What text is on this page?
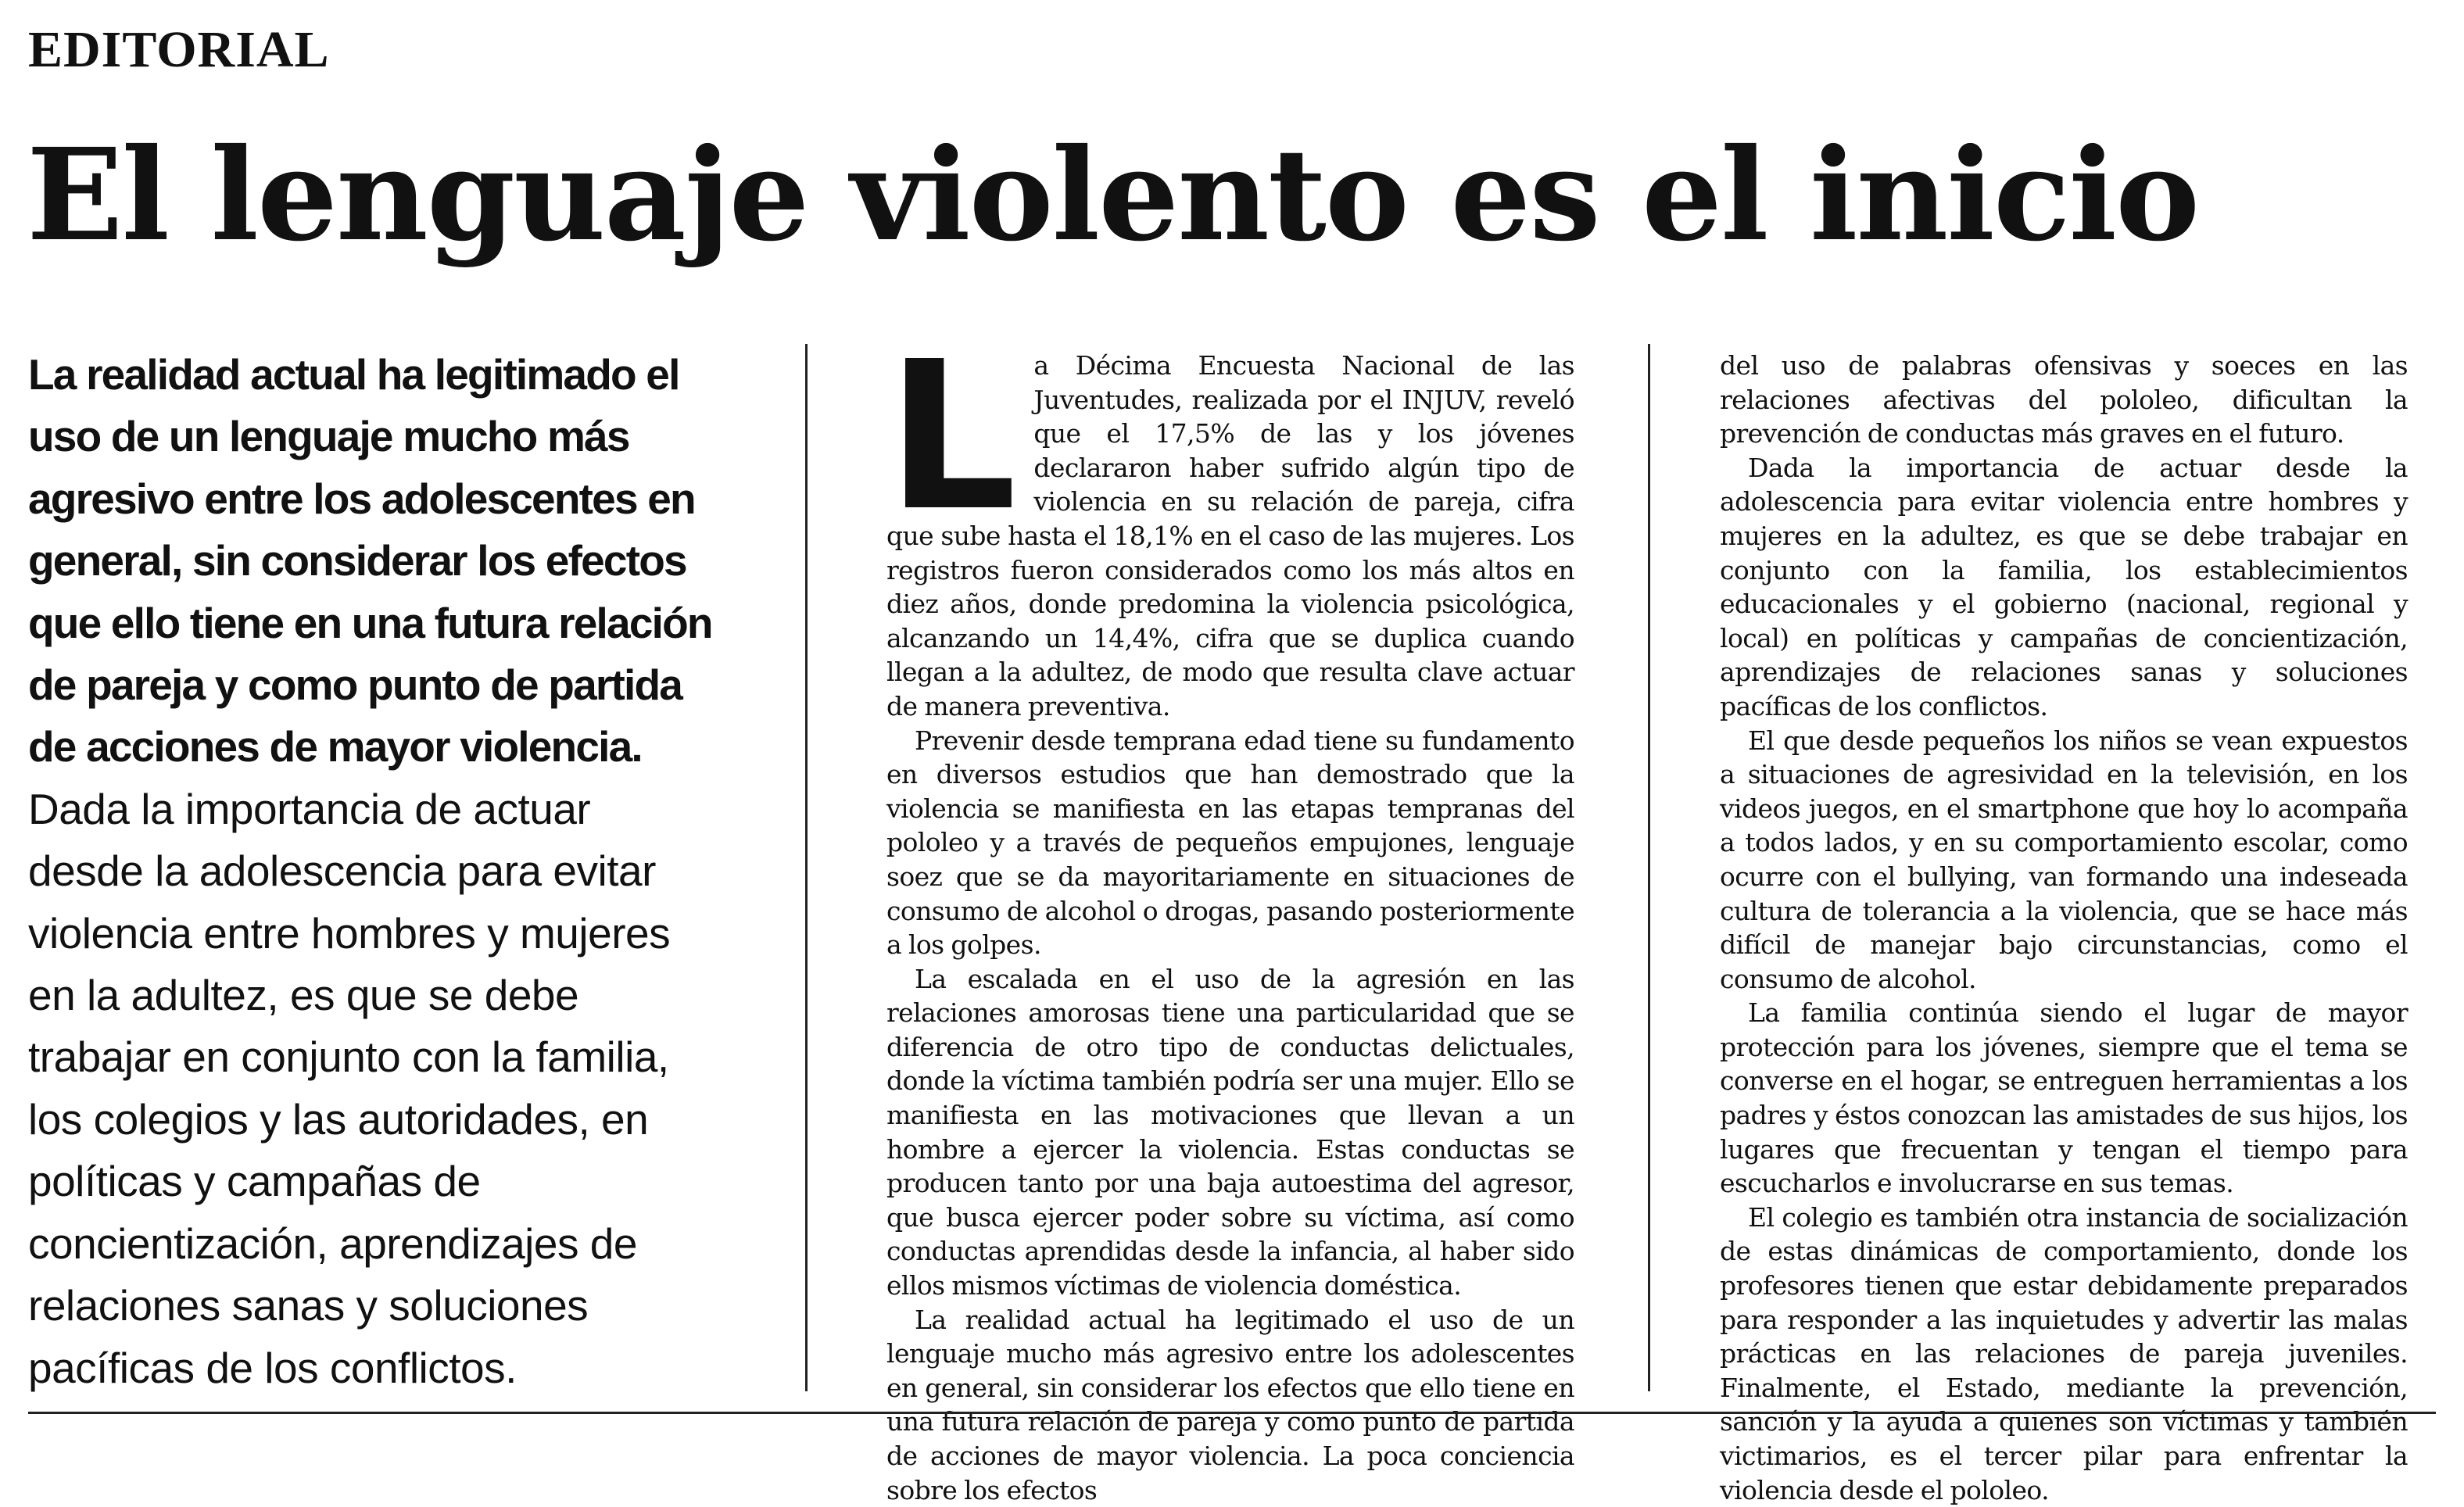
EDITORIAL
El lenguaje violento es el inicio

La realidad actual ha legitimado el uso de un lenguaje mucho más agresivo entre los adolescentes en general, sin considerar los efectos que ello tiene en una futura relación de pareja y como punto de partida de acciones de mayor violencia. Dada la importancia de actuar desde la adolescencia para evitar violencia entre hombres y mujeres en la adultez, es que se debe trabajar en conjunto con la familia, los colegios y las autoridades, en políticas y campañas de concientización, aprendizajes de relaciones sanas y soluciones pacíficas de los conflictos.

La Décima Encuesta Nacional de las Juventudes, realizada por el INJUV, reveló que el 17,5% de las y los jóvenes declararon haber sufrido algún tipo de violencia en su relación de pareja, cifra que sube hasta el 18,1% en el caso de las mujeres. Los registros fueron considerados como los más altos en diez años, donde predomina la violencia psicológica, alcanzando un 14,4%, cifra que se duplica cuando llegan a la adultez, de modo que resulta clave actuar de manera preventiva.

Prevenir desde temprana edad tiene su fundamento en diversos estudios que han demostrado que la violencia se manifiesta en las etapas tempranas del pololeo y a través de pequeños empujones, lenguaje soez que se da mayoritariamente en situaciones de consumo de alcohol o drogas, pasando posteriormente a los golpes.

La escalada en el uso de la agresión en las relaciones amorosas tiene una particularidad que se diferencia de otro tipo de conductas delictuales, donde la víctima también podría ser una mujer. Ello se manifiesta en las motivaciones que llevan a un hombre a ejercer la violencia. Estas conductas se producen tanto por una baja autoestima del agresor, que busca ejercer poder sobre su víctima, así como conductas aprendidas desde la infancia, al haber sido ellos mismos víctimas de violencia doméstica.

La realidad actual ha legitimado el uso de un lenguaje mucho más agresivo entre los adolescentes en general, sin considerar los efectos que ello tiene en una futura relación de pareja y como punto de partida de acciones de mayor violencia. La poca conciencia sobre los efectos

del uso de palabras ofensivas y soeces en las relaciones afectivas del pololeo, dificultan la prevención de conductas más graves en el futuro.

Dada la importancia de actuar desde la adolescencia para evitar violencia entre hombres y mujeres en la adultez, es que se debe trabajar en conjunto con la familia, los establecimientos educacionales y el gobierno (nacional, regional y local) en políticas y campañas de concientización, aprendizajes de relaciones sanas y soluciones pacíficas de los conflictos.

El que desde pequeños los niños se vean expuestos a situaciones de agresividad en la televisión, en los videos juegos, en el smartphone que hoy lo acompaña a todos lados, y en su comportamiento escolar, como ocurre con el bullying, van formando una indeseada cultura de tolerancia a la violencia, que se hace más difícil de manejar bajo circunstancias, como el consumo de alcohol.

La familia continúa siendo el lugar de mayor protección para los jóvenes, siempre que el tema se converse en el hogar, se entreguen herramientas a los padres y éstos conozcan las amistades de sus hijos, los lugares que frecuentan y tengan el tiempo para escucharlos e involucrarse en sus temas.

El colegio es también otra instancia de socialización de estas dinámicas de comportamiento, donde los profesores tienen que estar debidamente preparados para responder a las inquietudes y advertir las malas prácticas en las relaciones de pareja juveniles. Finalmente, el Estado, mediante la prevención, sanción y la ayuda a quienes son víctimas y también victimarios, es el tercer pilar para enfrentar la violencia desde el pololeo.
